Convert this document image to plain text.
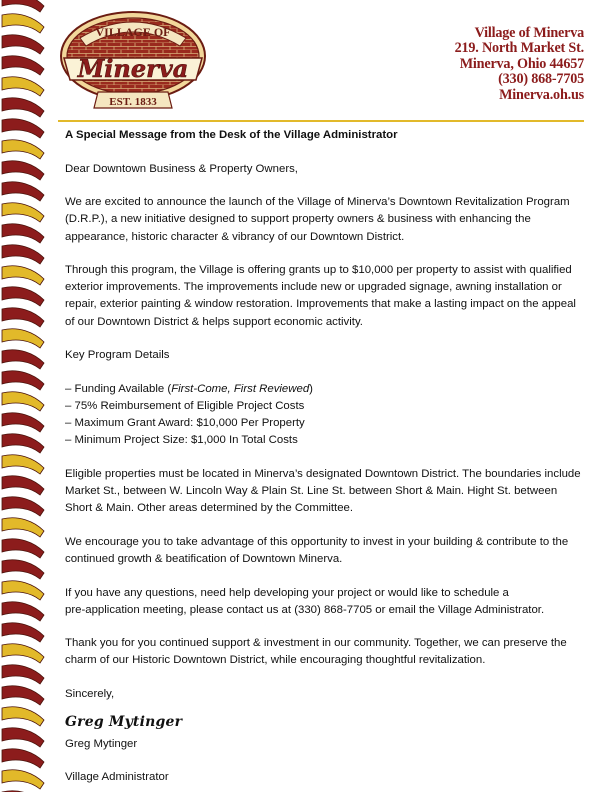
VILLAGE OF
Minerva
EST. 1833
Village of Minerva
219. North Market St.
Minerva, Ohio 44657
(330) 868-7705
Minerva.oh.us

A Special Message from the Desk of the Village Administrator

Dear Downtown Business & Property Owners,

We are excited to announce the launch of the Village of Minerva’s Downtown Revitalization Program (D.R.P.), a new initiative designed to support property owners & business with enhancing the appearance, historic character & vibrancy of our Downtown District.

Through this program, the Village is offering grants up to $10,000 per property to assist with qualified exterior improvements. The improvements include new or upgraded signage, awning installation or repair, exterior painting & window restoration. Improvements that make a lasting impact on the appeal of our Downtown District & helps support economic activity.

Key Program Details

– Funding Available (First-Come, First Reviewed)
– 75% Reimbursement of Eligible Project Costs
– Maximum Grant Award: $10,000 Per Property
– Minimum Project Size: $1,000 In Total Costs

Eligible properties must be located in Minerva’s designated Downtown District. The boundaries include Market St., between W. Lincoln Way & Plain St. Line St. between Short & Main. Hight St. between Short & Main. Other areas determined by the Committee.

We encourage you to take advantage of this opportunity to invest in your building & contribute to the continued growth & beatification of Downtown Minerva.

If you have any questions, need help developing your project or would like to schedule a
pre-application meeting, please contact us at (330) 868-7705 or email the Village Administrator.

Thank you for you continued support & investment in our community. Together, we can preserve the charm of our Historic Downtown District, while encouraging thoughtful revitalization.

Sincerely,

Greg Mytinger

Greg Mytinger

Village Administrator
